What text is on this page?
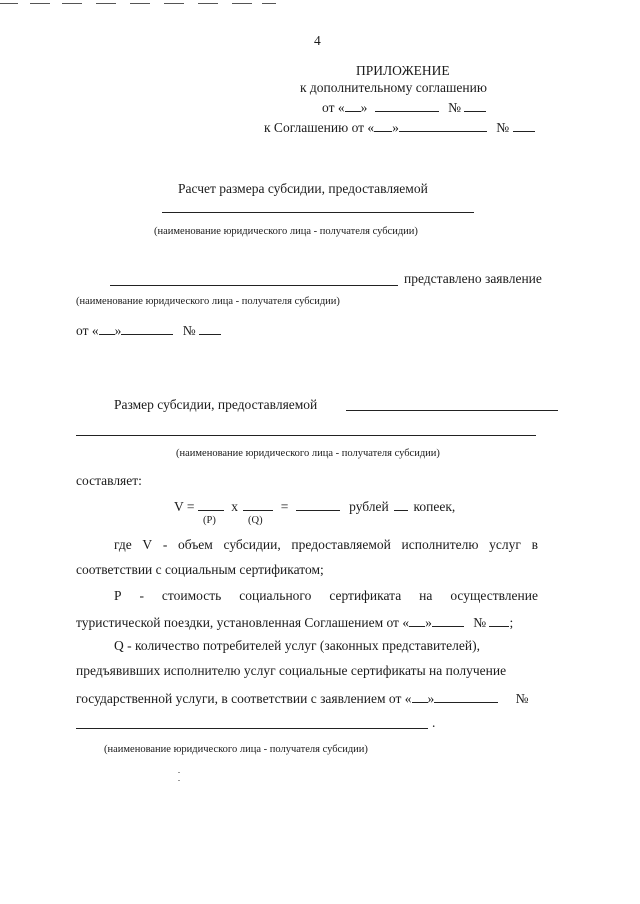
4
ПРИЛОЖЕНИЕ
к дополнительному соглашению
от « »	№
к Соглашению от « »	№
Расчет размера субсидии, предоставляемой
(наименование юридического лица - получателя субсидии)
представлено заявление
(наименование юридического лица - получателя субсидии)
от « »	№
Размер субсидии, предоставляемой
(наименование юридического лица - получателя субсидии)
составляет:
V =	x	=	рублей копеек,
(P)	(Q)
где V - объем субсидии, предоставляемой исполнителю услуг в
соответствии с социальным сертификатом;
Р - стоимость социального сертификата на осуществление
туристической поездки, установленная Соглашением от « »	№ ;
Q - количество потребителей услуг (законных представителей),
предъявивших исполнителю услуг социальные сертификаты на получение
государственной услуги, в соответствии с заявлением от « »	№
.
(наименование юридического лица - получателя субсидии)
